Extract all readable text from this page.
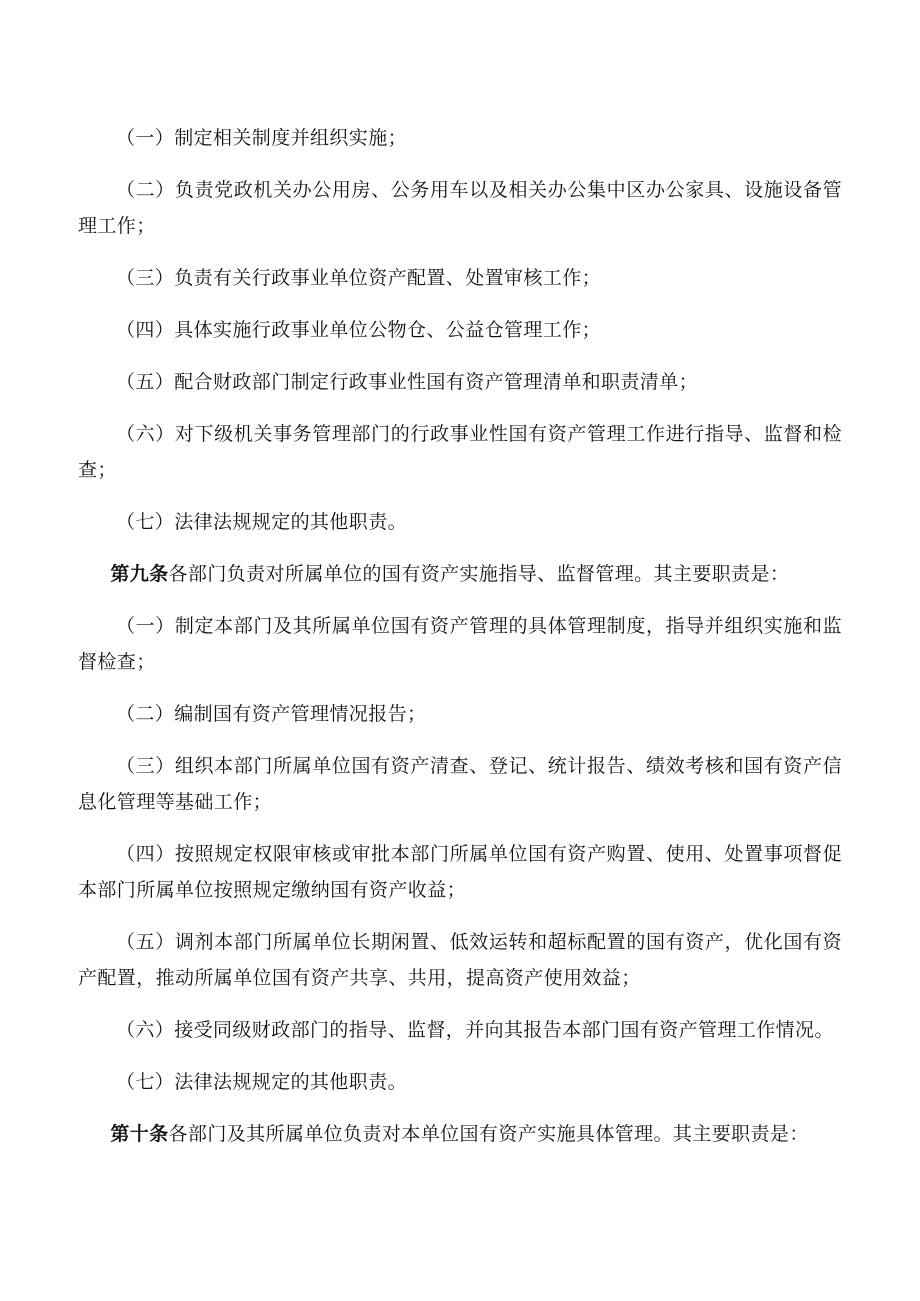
（一）制定相关制度并组织实施；

（二）负责党政机关办公用房、公务用车以及相关办公集中区办公家具、设施设备管理工作；

（三）负责有关行政事业单位资产配置、处置审核工作；

（四）具体实施行政事业单位公物仓、公益仓管理工作；

（五）配合财政部门制定行政事业性国有资产管理清单和职责清单；

（六）对下级机关事务管理部门的行政事业性国有资产管理工作进行指导、监督和检查；

（七）法律法规规定的其他职责。

第九条各部门负责对所属单位的国有资产实施指导、监督管理。其主要职责是：

（一）制定本部门及其所属单位国有资产管理的具体管理制度，指导并组织实施和监督检查；

（二）编制国有资产管理情况报告；

（三）组织本部门所属单位国有资产清查、登记、统计报告、绩效考核和国有资产信息化管理等基础工作；

（四）按照规定权限审核或审批本部门所属单位国有资产购置、使用、处置事项督促本部门所属单位按照规定缴纳国有资产收益；

（五）调剂本部门所属单位长期闲置、低效运转和超标配置的国有资产，优化国有资产配置，推动所属单位国有资产共享、共用，提高资产使用效益；

（六）接受同级财政部门的指导、监督，并向其报告本部门国有资产管理工作情况。

（七）法律法规规定的其他职责。

第十条各部门及其所属单位负责对本单位国有资产实施具体管理。其主要职责是：
